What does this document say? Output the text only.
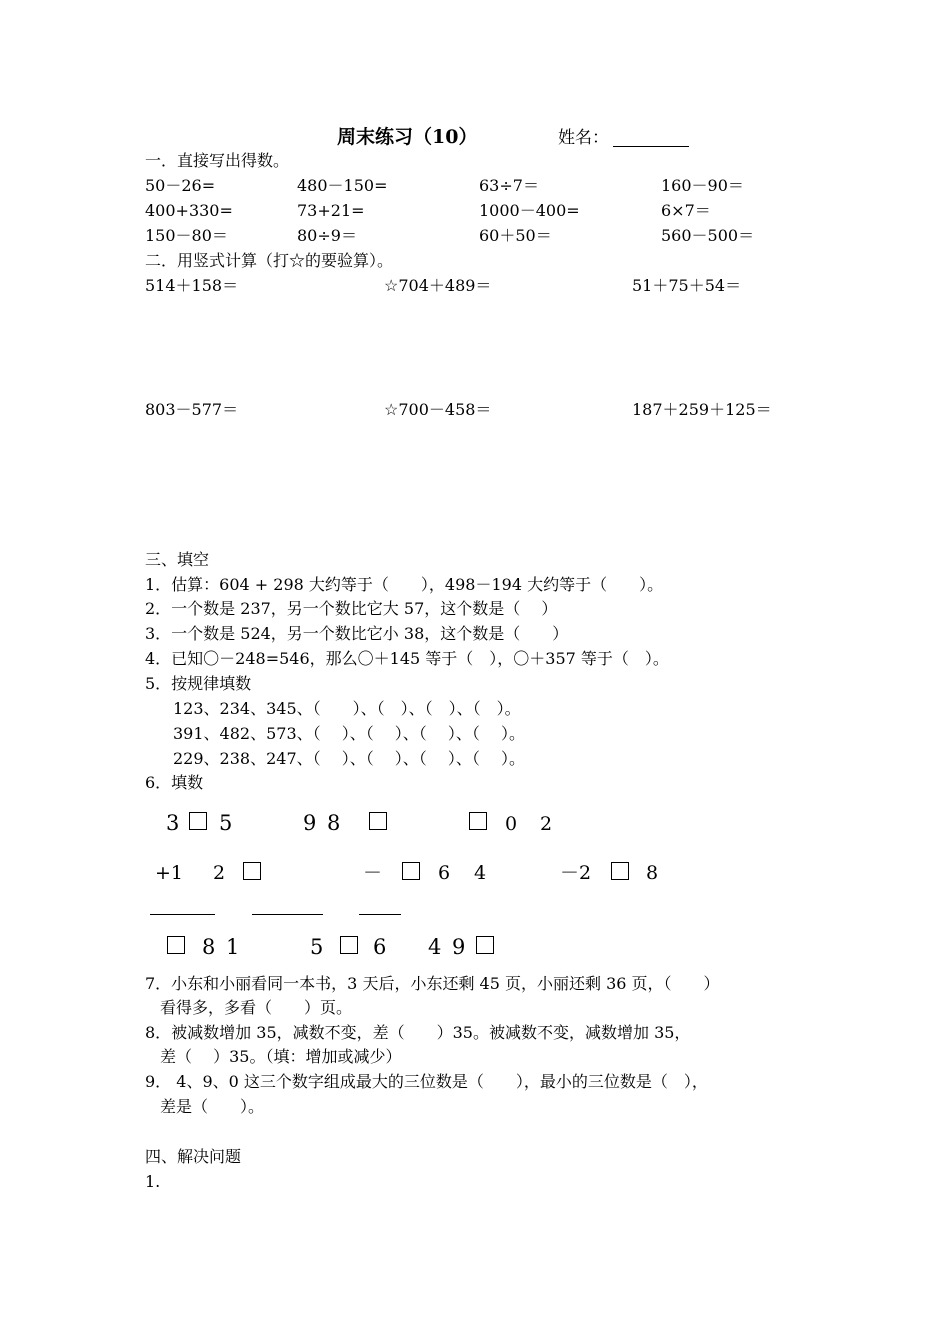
周末练习（10）	姓名：
一．直接写出得数。
50－26=	480－150=	63÷7＝	160－90＝
400+330=	73+21=	1000－400=	6×7＝
150－80＝	80÷9＝	60＋50＝	560－500＝
二．用竖式计算（打☆的要验算）。
514＋158＝	☆704＋489＝	51＋75＋54＝
803－577＝	☆700－458＝	187＋259＋125＝
三、填空
1．估算：604 + 298 大约等于（　　），498－194 大约等于（　　）。
2．一个数是 237，另一个数比它大 57，这个数是（　 ）
3．一个数是 524，另一个数比它小 38，这个数是（　　）
4．已知〇－248=546，那么〇＋145 等于（　），〇＋357 等于（　）。
5．按规律填数
123、234、345、（　　）、（　）、（　）、（　）。
391、482、573、（　 ）、（　 ）、（　 ）、（　 ）。
229、238、247、（　 ）、（　 ）、（　 ）、（　 ）。
6．填数
3 5	9 8	0 2
+1 2	－	6 4	－2	8
8 1	5 6 4 9
7．小东和小丽看同一本书，3 天后，小东还剩 45 页，小丽还剩 36 页，（　　）
看得多，多看（　　）页。
8．被减数增加 35，减数不变，差（　　）35。被减数不变，减数增加 35，
差（　 ）35。（填：增加或减少）
9． 4、9、0 这三个数字组成最大的三位数是（　　），最小的三位数是（　），
差是（　　）。
四、解决问题
1.
